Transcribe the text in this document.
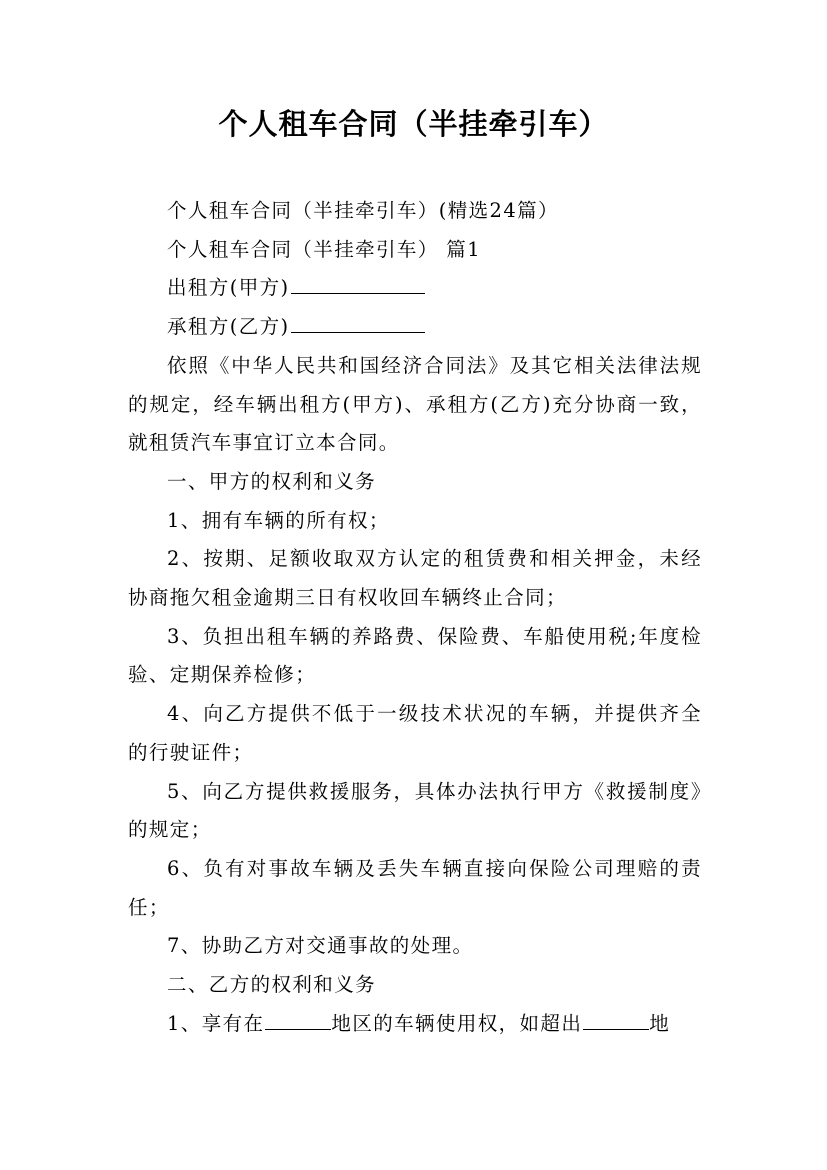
个人租车合同（半挂牵引车）

个人租车合同（半挂牵引车）(精选24篇）

个人租车合同（半挂牵引车） 篇1

出租方(甲方)

承租方(乙方)

依照《中华人民共和国经济合同法》及其它相关法律法规的规定，经车辆出租方(甲方)、承租方(乙方)充分协商一致，就租赁汽车事宜订立本合同。

一、甲方的权利和义务

1、拥有车辆的所有权；

2、按期、足额收取双方认定的租赁费和相关押金，未经协商拖欠租金逾期三日有权收回车辆终止合同；

3、负担出租车辆的养路费、保险费、车船使用税;年度检验、定期保养检修；

4、向乙方提供不低于一级技术状况的车辆，并提供齐全的行驶证件；

5、向乙方提供救援服务，具体办法执行甲方《救援制度》的规定；

6、负有对事故车辆及丢失车辆直接向保险公司理赔的责任；

7、协助乙方对交通事故的处理。

二、乙方的权利和义务

1、享有在	地区的车辆使用权，如超出	地
